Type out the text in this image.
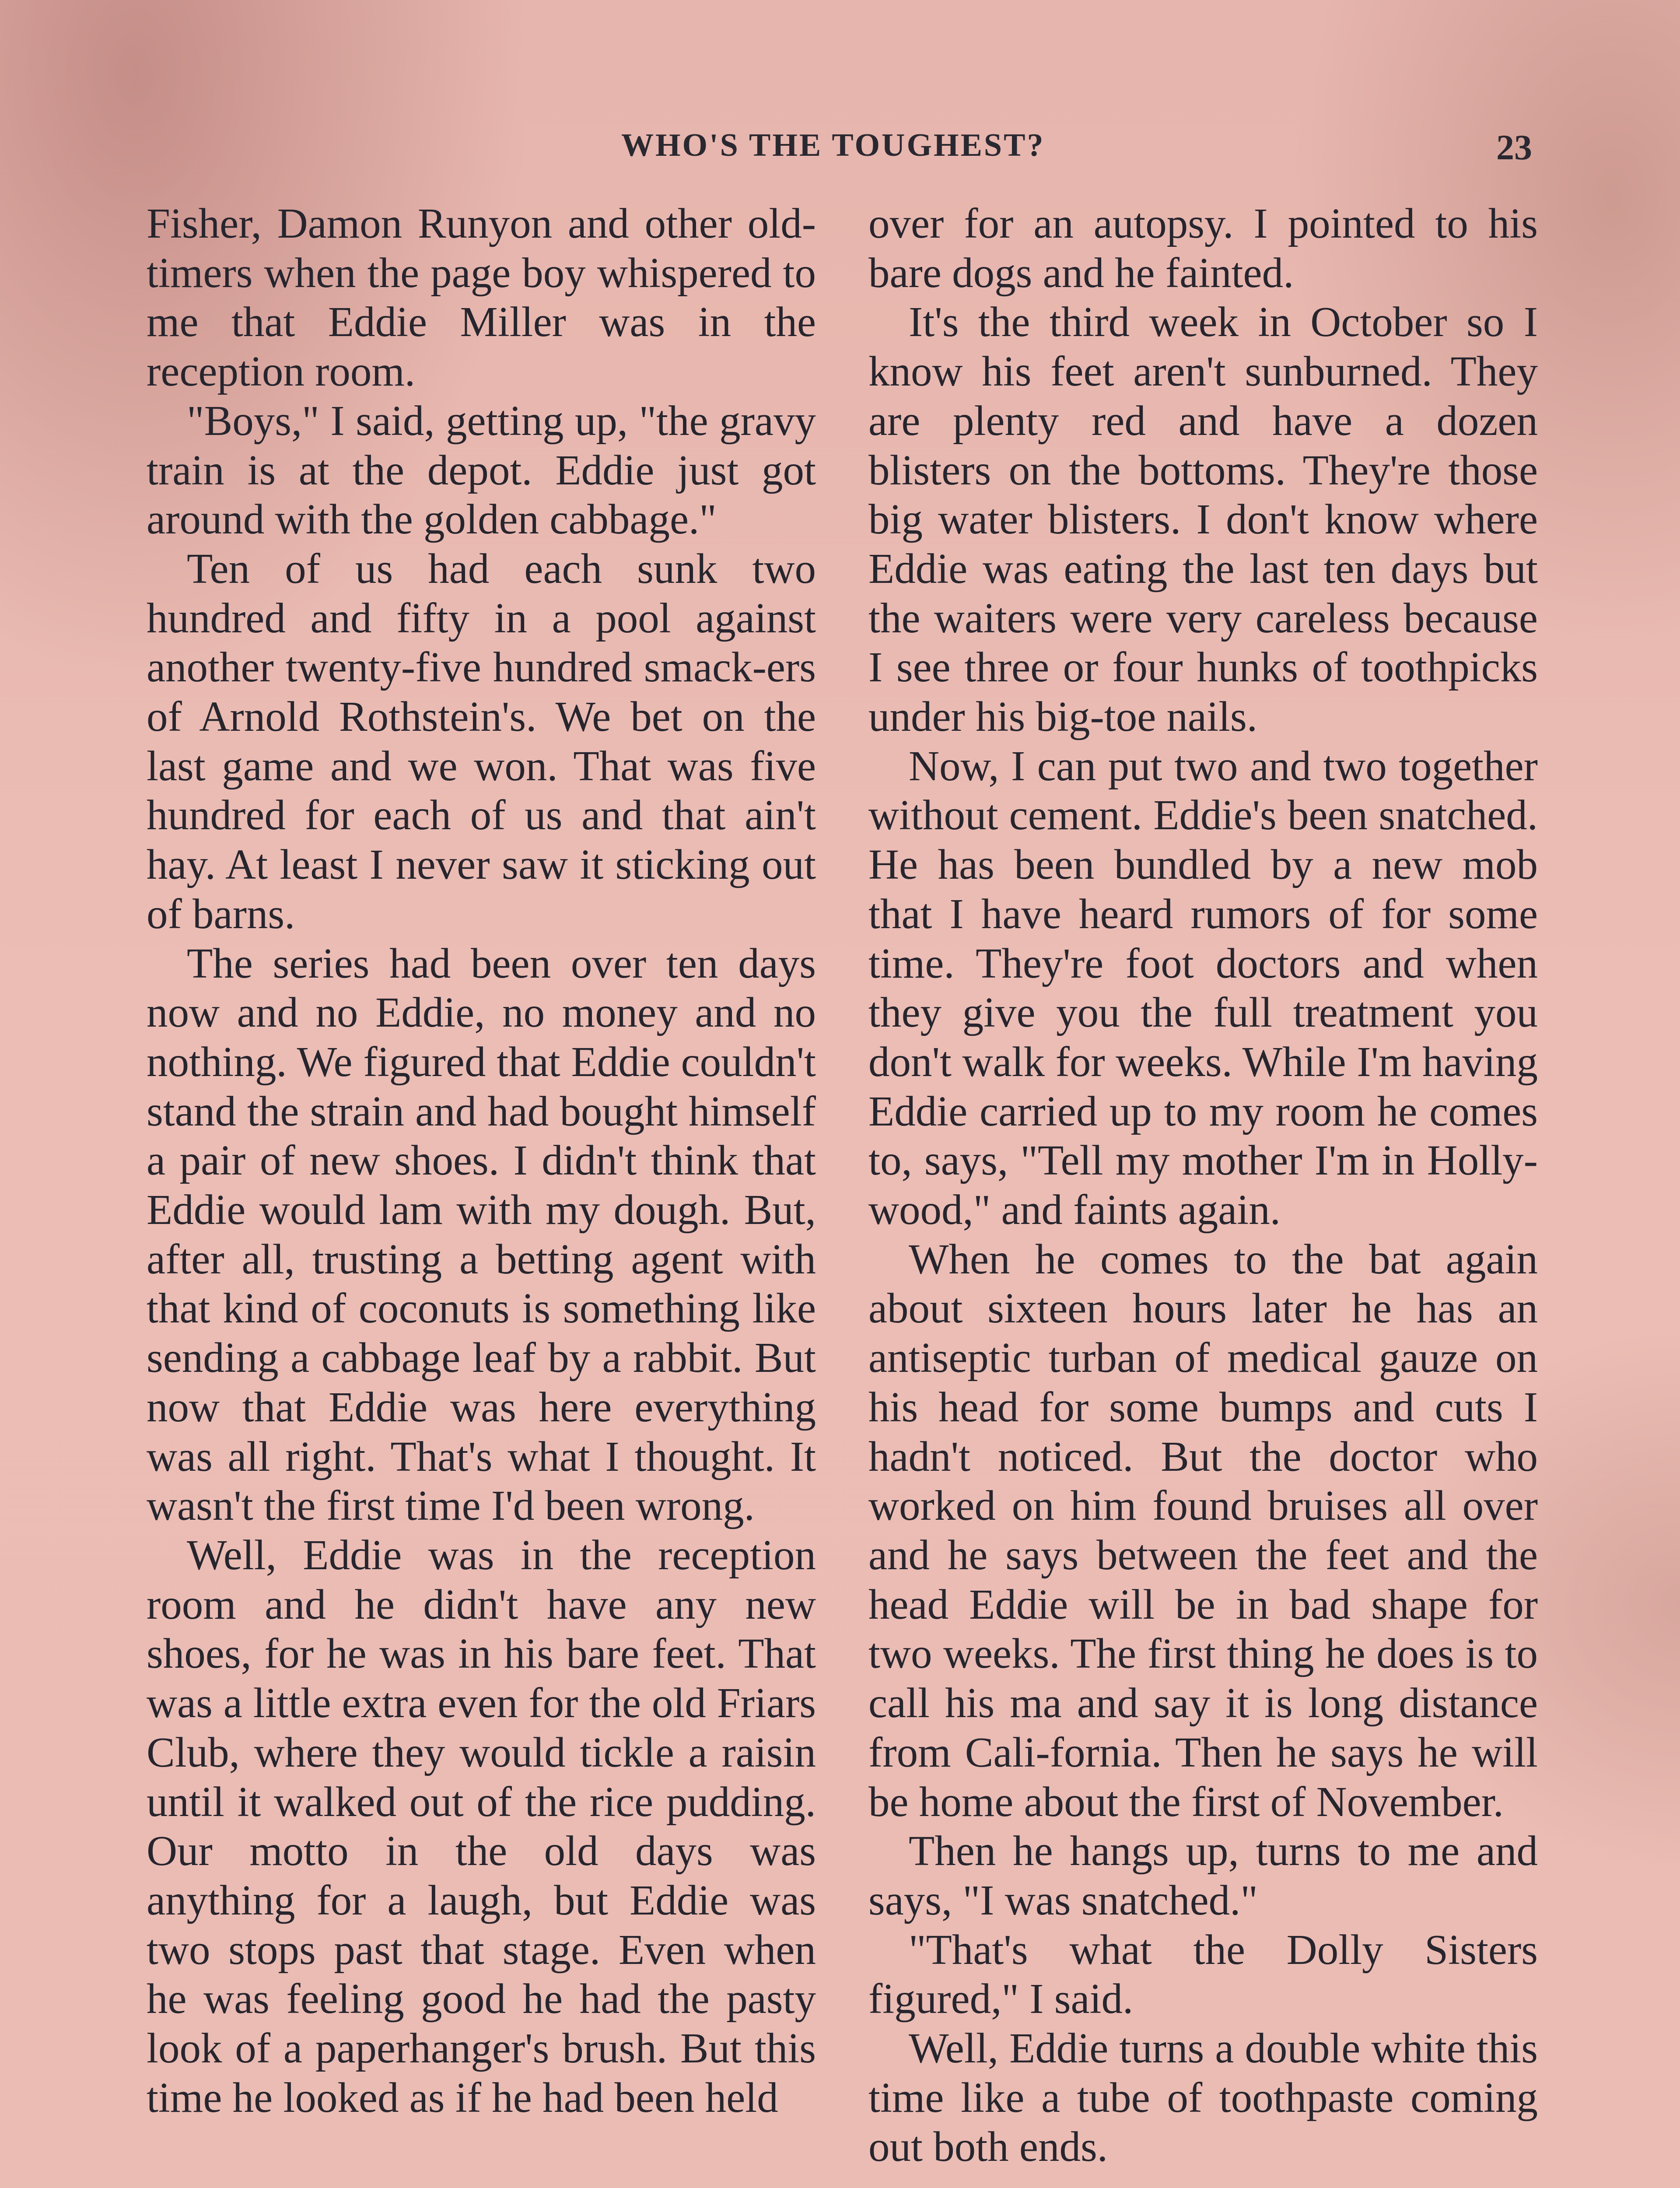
WHO'S THE TOUGHEST?	23

Fisher, Damon Runyon and other old-timers when the page boy whispered to me that Eddie Miller was in the reception room.

"Boys," I said, getting up, "the gravy train is at the depot. Eddie just got around with the golden cabbage."

Ten of us had each sunk two hundred and fifty in a pool against another twenty-five hundred smack-ers of Arnold Rothstein's. We bet on the last game and we won. That was five hundred for each of us and that ain't hay. At least I never saw it sticking out of barns.

The series had been over ten days now and no Eddie, no money and no nothing. We figured that Eddie couldn't stand the strain and had bought himself a pair of new shoes. I didn't think that Eddie would lam with my dough. But, after all, trusting a betting agent with that kind of coconuts is something like sending a cabbage leaf by a rabbit. But now that Eddie was here everything was all right. That's what I thought. It wasn't the first time I'd been wrong.

Well, Eddie was in the reception room and he didn't have any new shoes, for he was in his bare feet. That was a little extra even for the old Friars Club, where they would tickle a raisin until it walked out of the rice pudding. Our motto in the old days was anything for a laugh, but Eddie was two stops past that stage. Even when he was feeling good he had the pasty look of a paperhanger's brush. But this time he looked as if he had been held

over for an autopsy. I pointed to his bare dogs and he fainted.

It's the third week in October so I know his feet aren't sunburned. They are plenty red and have a dozen blisters on the bottoms. They're those big water blisters. I don't know where Eddie was eating the last ten days but the waiters were very careless because I see three or four hunks of toothpicks under his big-toe nails.

Now, I can put two and two together without cement. Eddie's been snatched. He has been bundled by a new mob that I have heard rumors of for some time. They're foot doctors and when they give you the full treatment you don't walk for weeks. While I'm having Eddie carried up to my room he comes to, says, "Tell my mother I'm in Holly-wood," and faints again.

When he comes to the bat again about sixteen hours later he has an antiseptic turban of medical gauze on his head for some bumps and cuts I hadn't noticed. But the doctor who worked on him found bruises all over and he says between the feet and the head Eddie will be in bad shape for two weeks. The first thing he does is to call his ma and say it is long distance from Cali-fornia. Then he says he will be home about the first of November.

Then he hangs up, turns to me and says, "I was snatched."

"That's what the Dolly Sisters figured," I said.

Well, Eddie turns a double white this time like a tube of toothpaste coming out both ends.
